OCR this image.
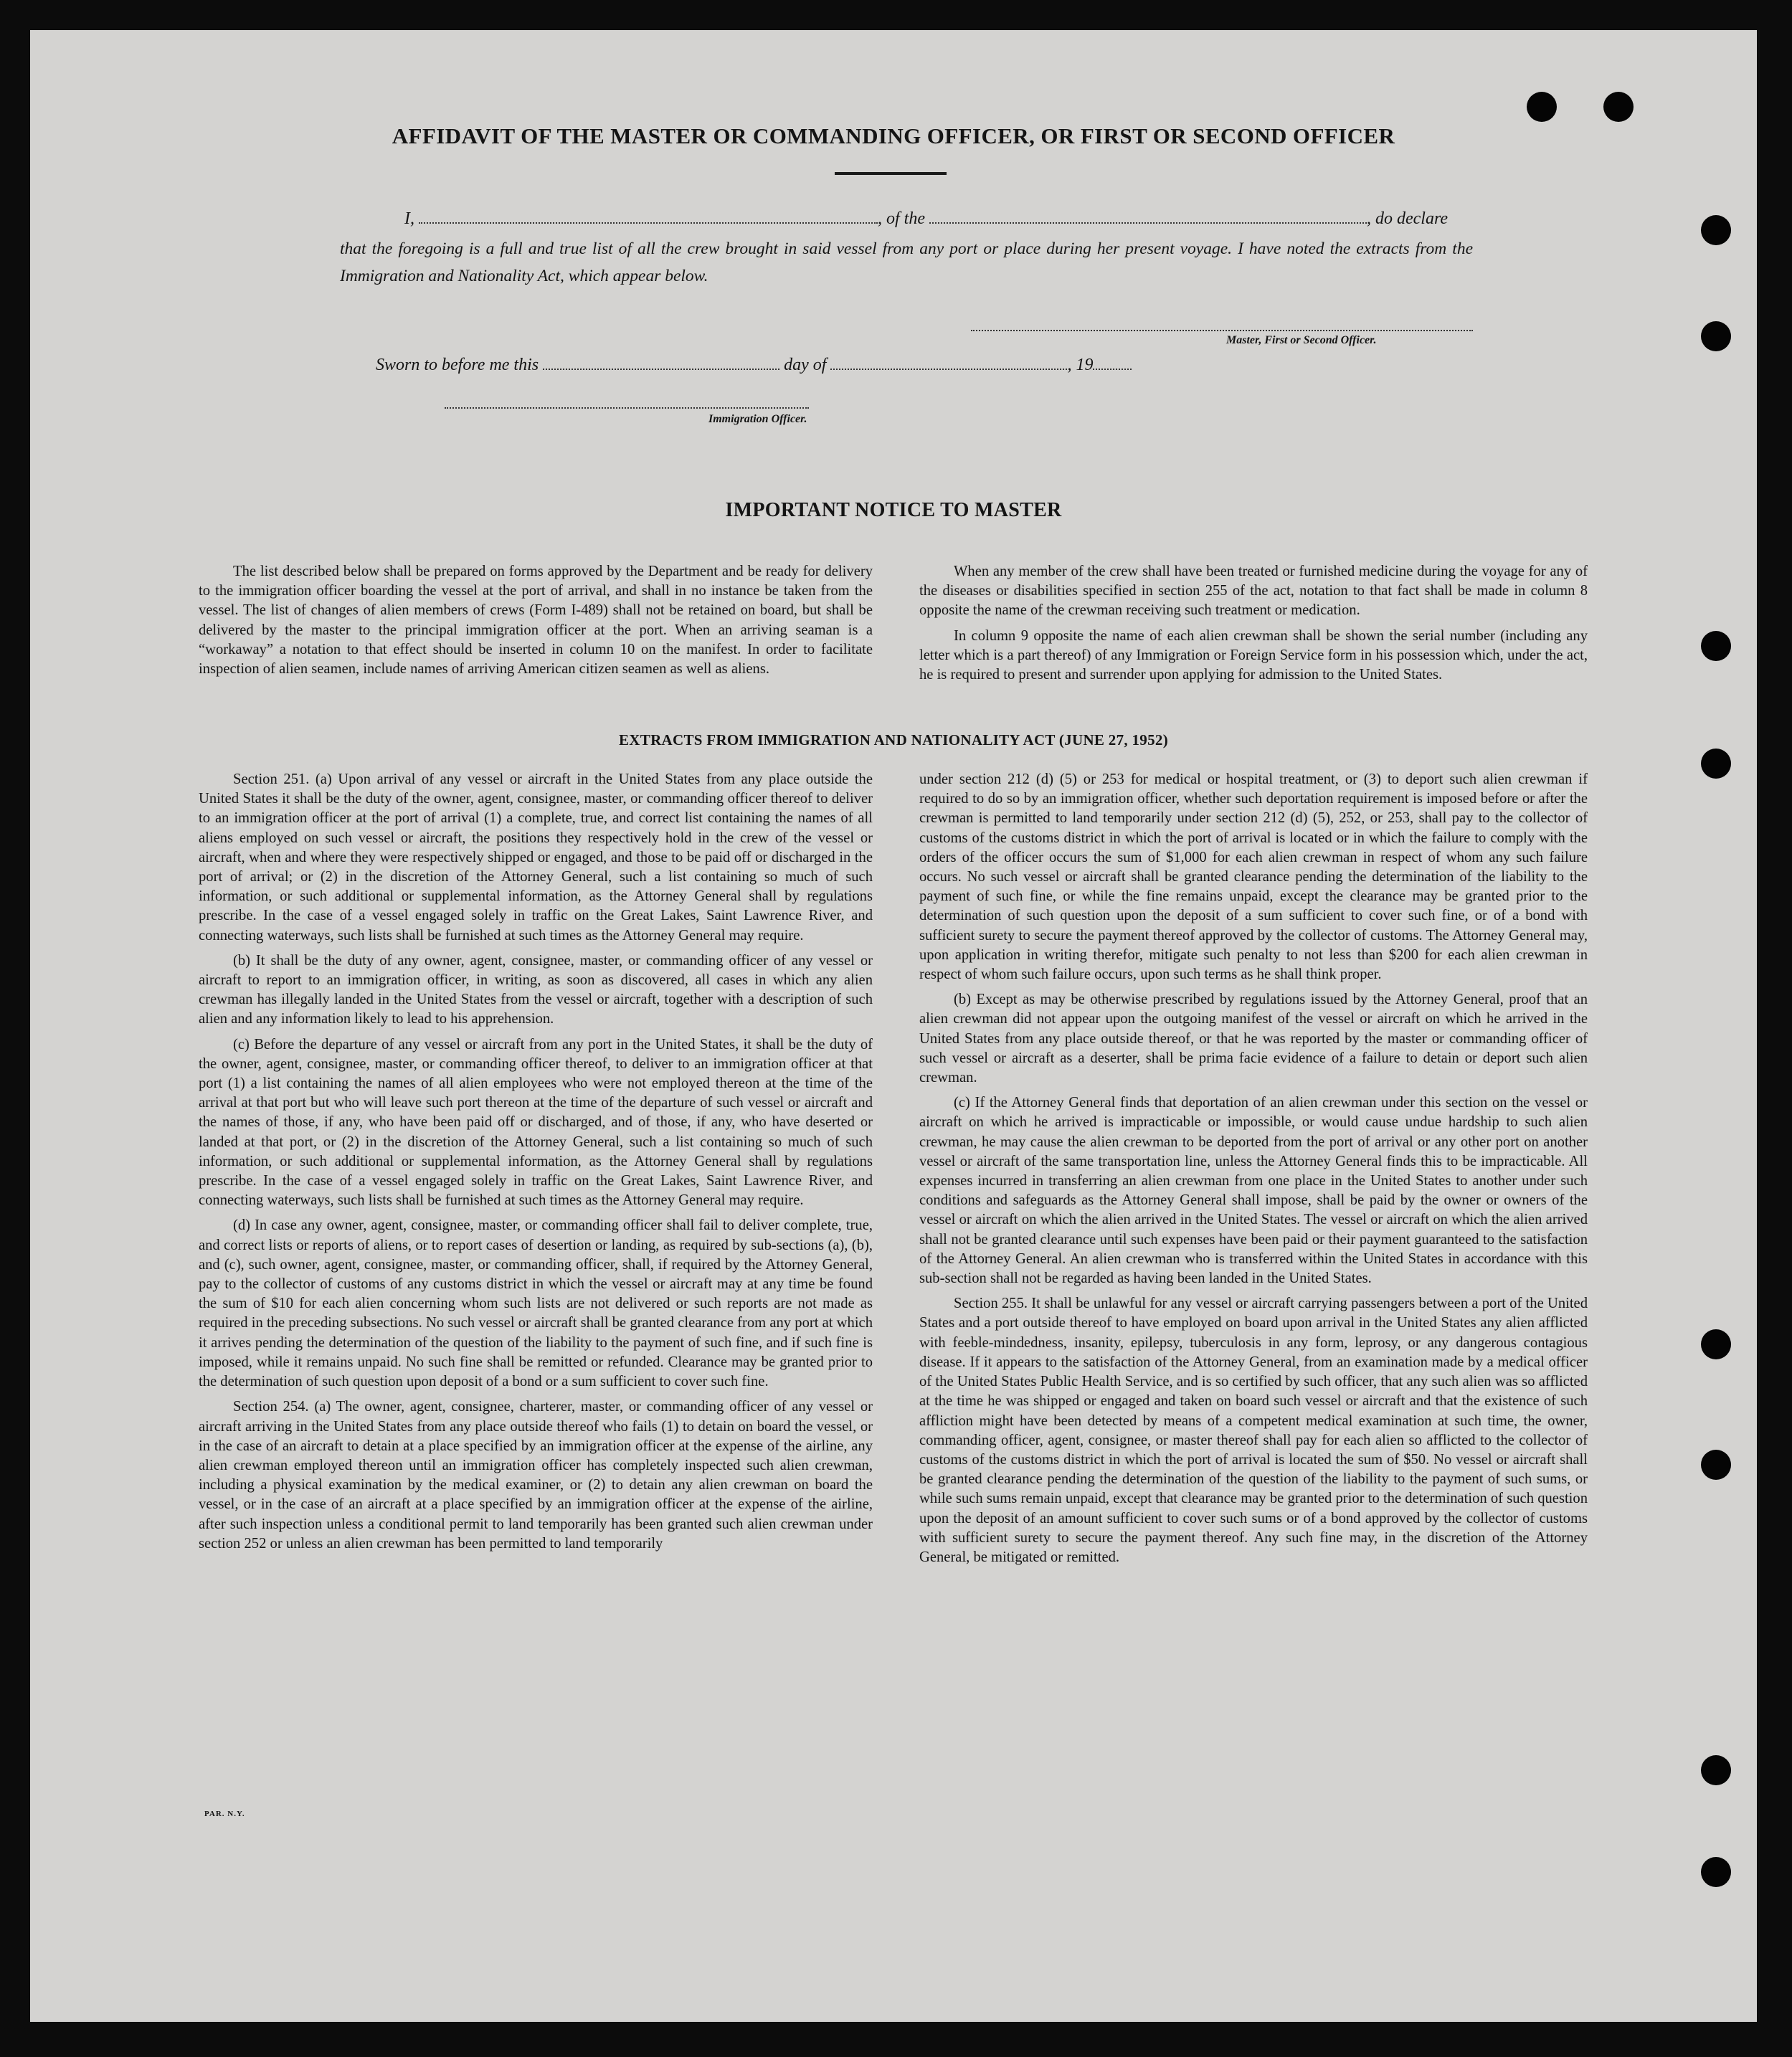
AFFIDAVIT OF THE MASTER OR COMMANDING OFFICER, OR FIRST OR SECOND OFFICER
I,	, of the	, do declare
that the foregoing is a full and true list of all the crew brought in said vessel from any port or place during her present voyage. I have noted the extracts from the Immigration and Nationality Act, which appear below.
Master, First or Second Officer.
Sworn to before me this	day of	, 19
Immigration Officer.
IMPORTANT NOTICE TO MASTER

The list described below shall be prepared on forms approved by the Department and be ready for delivery to the immigration officer boarding the vessel at the port of arrival, and shall in no instance be taken from the vessel. The list of changes of alien members of crews (Form I-489) shall not be retained on board, but shall be delivered by the master to the principal immigration officer at the port. When an arriving seaman is a “workaway” a notation to that effect should be inserted in column 10 on the manifest. In order to facilitate inspection of alien seamen, include names of arriving American citizen seamen as well as aliens.

When any member of the crew shall have been treated or furnished medicine during the voyage for any of the diseases or disabilities specified in section 255 of the act, notation to that fact shall be made in column 8 opposite the name of the crewman receiving such treatment or medication.

In column 9 opposite the name of each alien crewman shall be shown the serial number (including any letter which is a part thereof) of any Immigration or Foreign Service form in his possession which, under the act, he is required to present and surrender upon applying for admission to the United States.

EXTRACTS FROM IMMIGRATION AND NATIONALITY ACT (JUNE 27, 1952)

Section 251. (a) Upon arrival of any vessel or aircraft in the United States from any place outside the United States it shall be the duty of the owner, agent, consignee, master, or commanding officer thereof to deliver to an immigration officer at the port of arrival (1) a complete, true, and correct list containing the names of all aliens employed on such vessel or aircraft, the positions they respectively hold in the crew of the vessel or aircraft, when and where they were respectively shipped or engaged, and those to be paid off or discharged in the port of arrival; or (2) in the discretion of the Attorney General, such a list containing so much of such information, or such additional or supplemental information, as the Attorney General shall by regulations prescribe. In the case of a vessel engaged solely in traffic on the Great Lakes, Saint Lawrence River, and connecting waterways, such lists shall be furnished at such times as the Attorney General may require.

(b) It shall be the duty of any owner, agent, consignee, master, or commanding officer of any vessel or aircraft to report to an immigration officer, in writing, as soon as discovered, all cases in which any alien crewman has illegally landed in the United States from the vessel or aircraft, together with a description of such alien and any information likely to lead to his apprehension.

(c) Before the departure of any vessel or aircraft from any port in the United States, it shall be the duty of the owner, agent, consignee, master, or commanding officer thereof, to deliver to an immigration officer at that port (1) a list containing the names of all alien employees who were not employed thereon at the time of the arrival at that port but who will leave such port thereon at the time of the departure of such vessel or aircraft and the names of those, if any, who have been paid off or discharged, and of those, if any, who have deserted or landed at that port, or (2) in the discretion of the Attorney General, such a list containing so much of such information, or such additional or supplemental information, as the Attorney General shall by regulations prescribe. In the case of a vessel engaged solely in traffic on the Great Lakes, Saint Lawrence River, and connecting waterways, such lists shall be furnished at such times as the Attorney General may require.

(d) In case any owner, agent, consignee, master, or commanding officer shall fail to deliver complete, true, and correct lists or reports of aliens, or to report cases of desertion or landing, as required by sub-sections (a), (b), and (c), such owner, agent, consignee, master, or commanding officer, shall, if required by the Attorney General, pay to the collector of customs of any customs district in which the vessel or aircraft may at any time be found the sum of $10 for each alien concerning whom such lists are not delivered or such reports are not made as required in the preceding subsections. No such vessel or aircraft shall be granted clearance from any port at which it arrives pending the determination of the question of the liability to the payment of such fine, and if such fine is imposed, while it remains unpaid. No such fine shall be remitted or refunded. Clearance may be granted prior to the determination of such question upon deposit of a bond or a sum sufficient to cover such fine.

Section 254. (a) The owner, agent, consignee, charterer, master, or commanding officer of any vessel or aircraft arriving in the United States from any place outside thereof who fails (1) to detain on board the vessel, or in the case of an aircraft to detain at a place specified by an immigration officer at the expense of the airline, any alien crewman employed thereon until an immigration officer has completely inspected such alien crewman, including a physical examination by the medical examiner, or (2) to detain any alien crewman on board the vessel, or in the case of an aircraft at a place specified by an immigration officer at the expense of the airline, after such inspection unless a conditional permit to land temporarily has been granted such alien crewman under section 252 or unless an alien crewman has been permitted to land temporarily

under section 212 (d) (5) or 253 for medical or hospital treatment, or (3) to deport such alien crewman if required to do so by an immigration officer, whether such deportation requirement is imposed before or after the crewman is permitted to land temporarily under section 212 (d) (5), 252, or 253, shall pay to the collector of customs of the customs district in which the port of arrival is located or in which the failure to comply with the orders of the officer occurs the sum of $1,000 for each alien crewman in respect of whom any such failure occurs. No such vessel or aircraft shall be granted clearance pending the determination of the liability to the payment of such fine, or while the fine remains unpaid, except the clearance may be granted prior to the determination of such question upon the deposit of a sum sufficient to cover such fine, or of a bond with sufficient surety to secure the payment thereof approved by the collector of customs. The Attorney General may, upon application in writing therefor, mitigate such penalty to not less than $200 for each alien crewman in respect of whom such failure occurs, upon such terms as he shall think proper.

(b) Except as may be otherwise prescribed by regulations issued by the Attorney General, proof that an alien crewman did not appear upon the outgoing manifest of the vessel or aircraft on which he arrived in the United States from any place outside thereof, or that he was reported by the master or commanding officer of such vessel or aircraft as a deserter, shall be prima facie evidence of a failure to detain or deport such alien crewman.

(c) If the Attorney General finds that deportation of an alien crewman under this section on the vessel or aircraft on which he arrived is impracticable or impossible, or would cause undue hardship to such alien crewman, he may cause the alien crewman to be deported from the port of arrival or any other port on another vessel or aircraft of the same transportation line, unless the Attorney General finds this to be impracticable. All expenses incurred in transferring an alien crewman from one place in the United States to another under such conditions and safeguards as the Attorney General shall impose, shall be paid by the owner or owners of the vessel or aircraft on which the alien arrived in the United States. The vessel or aircraft on which the alien arrived shall not be granted clearance until such expenses have been paid or their payment guaranteed to the satisfaction of the Attorney General. An alien crewman who is transferred within the United States in accordance with this sub-section shall not be regarded as having been landed in the United States.

Section 255. It shall be unlawful for any vessel or aircraft carrying passengers between a port of the United States and a port outside thereof to have employed on board upon arrival in the United States any alien afflicted with feeble-mindedness, insanity, epilepsy, tuberculosis in any form, leprosy, or any dangerous contagious disease. If it appears to the satisfaction of the Attorney General, from an examination made by a medical officer of the United States Public Health Service, and is so certified by such officer, that any such alien was so afflicted at the time he was shipped or engaged and taken on board such vessel or aircraft and that the existence of such affliction might have been detected by means of a competent medical examination at such time, the owner, commanding officer, agent, consignee, or master thereof shall pay for each alien so afflicted to the collector of customs of the customs district in which the port of arrival is located the sum of $50. No vessel or aircraft shall be granted clearance pending the determination of the question of the liability to the payment of such sums, or while such sums remain unpaid, except that clearance may be granted prior to the determination of such question upon the deposit of an amount sufficient to cover such sums or of a bond approved by the collector of customs with sufficient surety to secure the payment thereof. Any such fine may, in the discretion of the Attorney General, be mitigated or remitted.

PAR. N.Y.
